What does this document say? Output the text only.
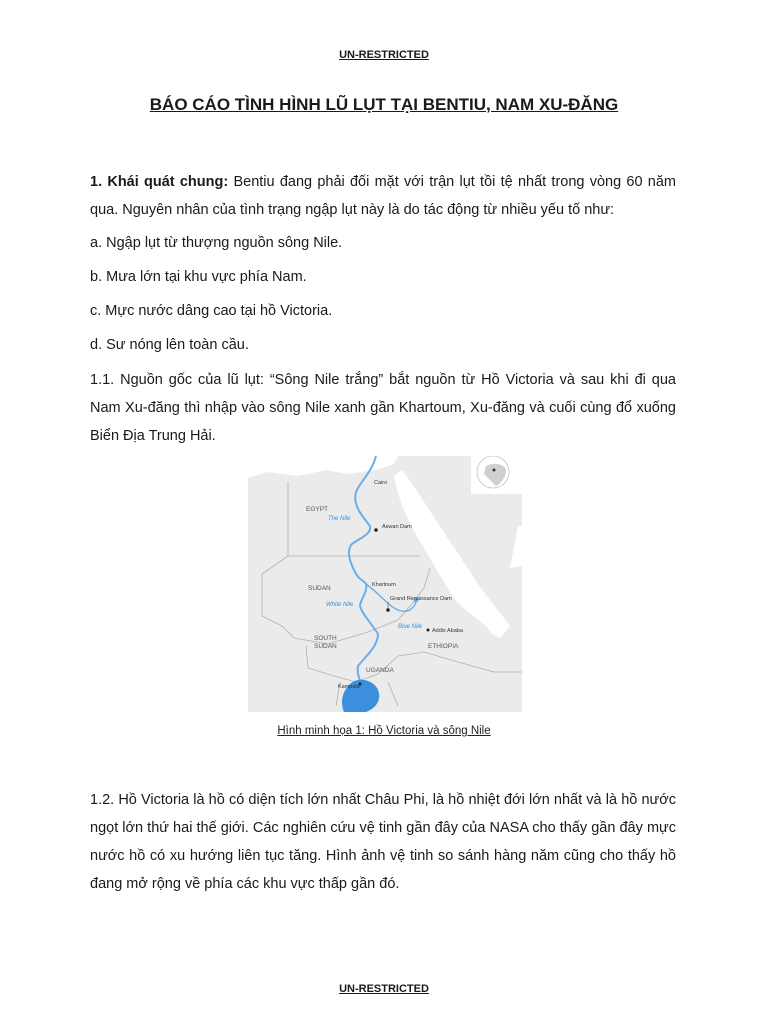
UN-RESTRICTED
BÁO CÁO TÌNH HÌNH LŨ LỤT TẠI BENTIU, NAM XU-ĐĂNG

1. Khái quát chung: Bentiu đang phải đối mặt với trận lụt tồi tệ nhất trong vòng 60 năm qua. Nguyên nhân của tình trạng ngập lụt này là do tác động từ nhiều yếu tố như:

a. Ngập lụt từ thượng nguồn sông Nile.

b. Mưa lớn tại khu vực phía Nam.

c. Mực nước dâng cao tại hồ Victoria.

d. Sư nóng lên toàn cầu.

1.1. Nguồn gốc của lũ lụt: “Sông Nile trắng” bắt nguồn từ Hồ Victoria và sau khi đi qua Nam Xu-đăng thì nhập vào sông Nile xanh gần Khartoum, Xu-đăng và cuối cùng đổ xuống Biển Địa Trung Hải.

Cairo
EGYPT
The Nile
Aswan Dam
SUDAN	Khartoum
White Nile
Grand Renaissance Dam
Blue Nile
Addis Ababa
SOUTH
SUDAN	ETHIOPIA
UGANDA
Kampala
Hình minh họa 1: Hồ Victoria và sông Nile

1.2. Hồ Victoria là hồ có diện tích lớn nhất Châu Phi, là hồ nhiệt đới lớn nhất và là hồ nước ngọt lớn thứ hai thế giới. Các nghiên cứu vệ tinh gần đây của NASA cho thấy gần đây mực nước hồ có xu hướng liên tục tăng. Hình ảnh vệ tinh so sánh hàng năm cũng cho thấy hồ đang mở rộng về phía các khu vực thấp gần đó.

UN-RESTRICTED
